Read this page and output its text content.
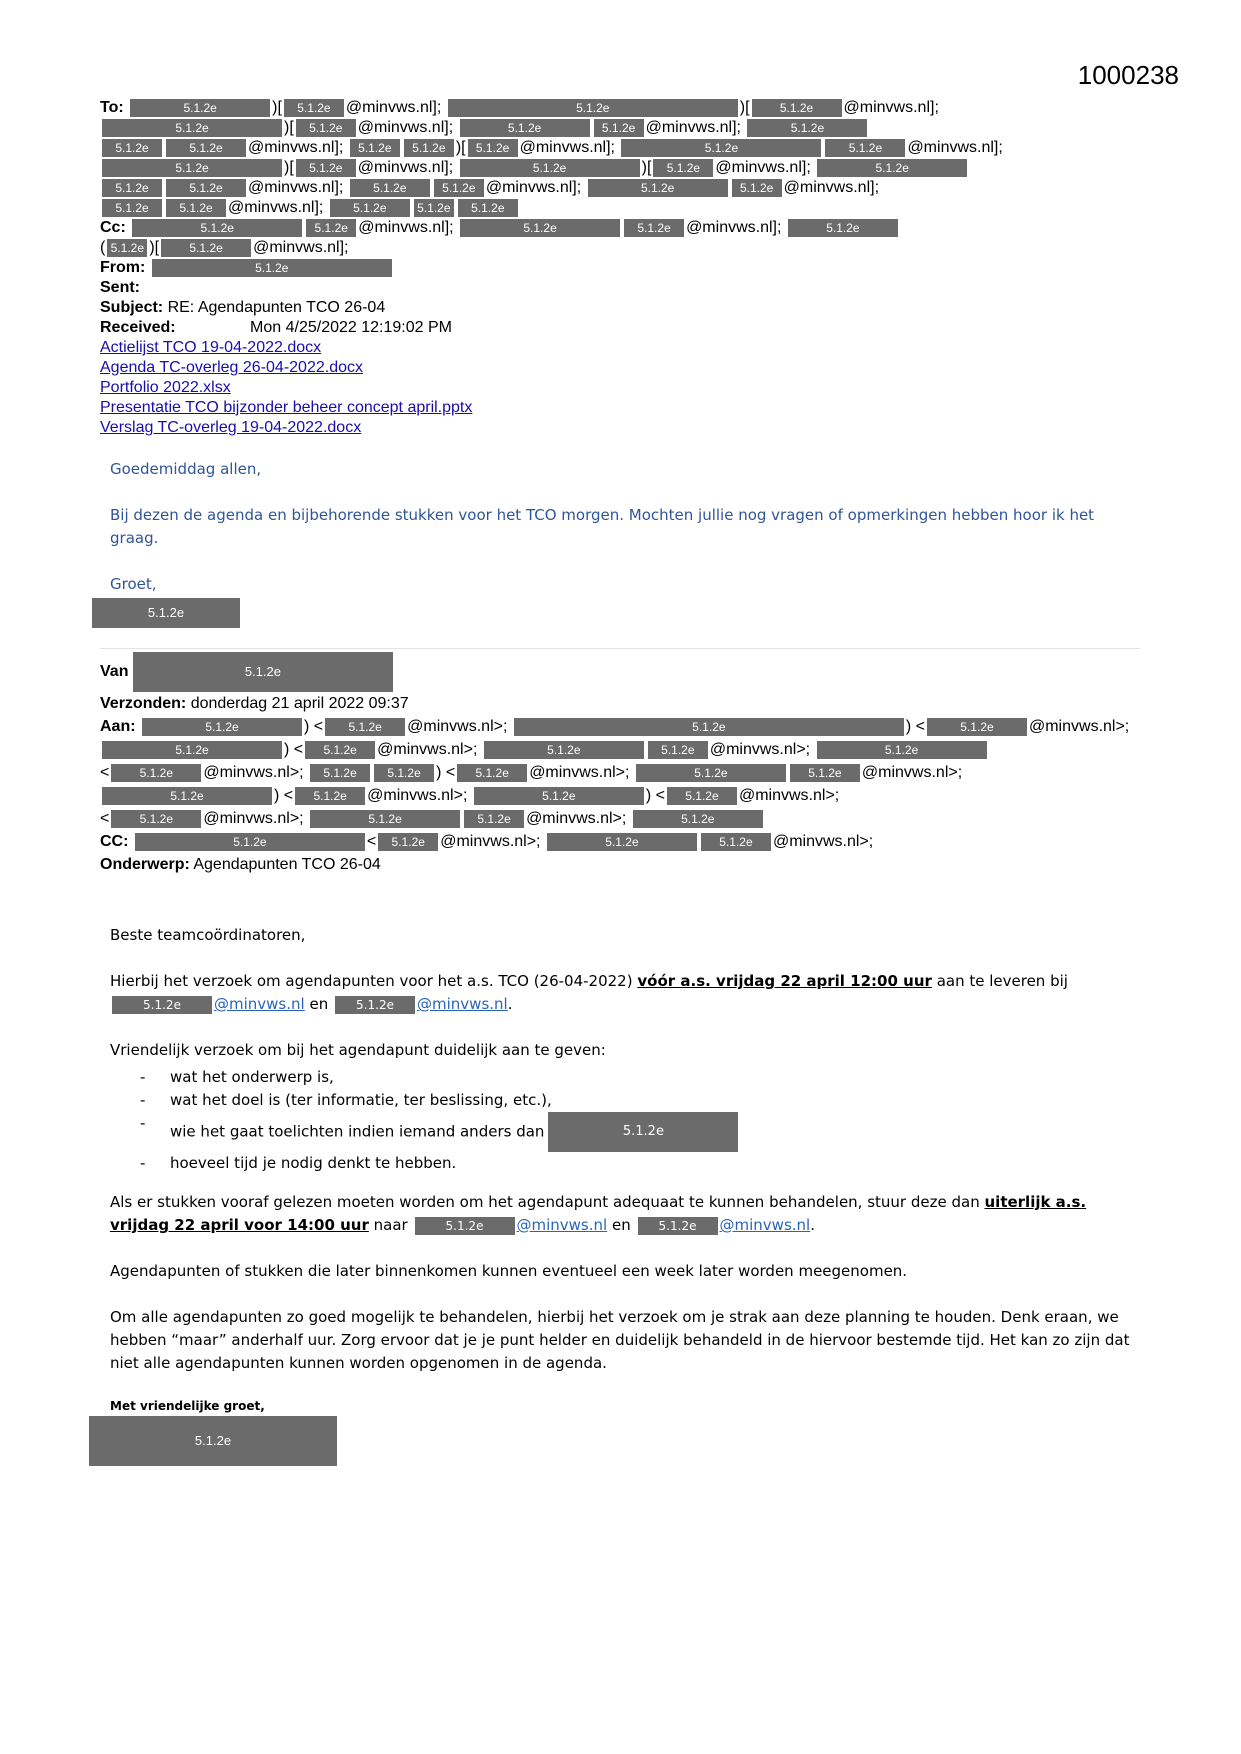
1000238
To:	5.1.2e	)[ 5.1.2e @minvws.nl];	5.1.2e	)[	5.1.2e @minvws.nl];
5.1.2e	)[ 5.1.2e @minvws.nl];	5.1.2e	5.1.2e @minvws.nl];	5.1.2e
5.1.2e	5.1.2e @minvws.nl]; 5.1.2e 5.1.2e )[ 5.1.2e @minvws.nl];	5.1.2e	5.1.2e @minvws.nl];
5.1.2e	)[ 5.1.2e @minvws.nl];	5.1.2e	)[ 5.1.2e @minvws.nl];	5.1.2e
5.1.2e	5.1.2e @minvws.nl]; 5.1.2e	5.1.2e @minvws.nl];	5.1.2e	5.1.2e @minvws.nl];
5.1.2e	5.1.2e @minvws.nl]; 5.1.2e	5.1.2e 5.1.2e
Cc:	5.1.2e	5.1.2e @minvws.nl];	5.1.2e	5.1.2e @minvws.nl];	5.1.2e
( 5.1.2e )[	5.1.2e @minvws.nl];
From:	5.1.2e
Sent:
Subject: RE: Agendapunten TCO 26-04
Received:	Mon 4/25/2022 12:19:02 PM
Actielijst TCO 19-04-2022.docx
Agenda TC-overleg 26-04-2022.docx
Portfolio 2022.xlsx
Presentatie TCO bijzonder beheer concept april.pptx
Verslag TC-overleg 19-04-2022.docx
Goedemiddag allen,
Bij dezen de agenda en bijbehorende stukken voor het TCO morgen. Mochten jullie nog vragen of opmerkingen hebben hoor ik het graag.
Groet,
5.1.2e
Van	5.1.2e
Verzonden: donderdag 21 april 2022 09:37
Aan:	5.1.2e	) < 5.1.2e @minvws.nl>;	5.1.2e	) <	5.1.2e @minvws.nl>;
5.1.2e	) < 5.1.2e @minvws.nl>;	5.1.2e	5.1.2e @minvws.nl>;	5.1.2e
<	5.1.2e @minvws.nl>; 5.1.2e	5.1.2e ) < 5.1.2e @minvws.nl>;	5.1.2e	5.1.2e @minvws.nl>;
5.1.2e	) < 5.1.2e @minvws.nl>;	5.1.2e	) < 5.1.2e @minvws.nl>;
<	5.1.2e @minvws.nl>;	5.1.2e	5.1.2e @minvws.nl>;	5.1.2e
CC:	5.1.2e	< 5.1.2e @minvws.nl>;	5.1.2e	5.1.2e @minvws.nl>;
Onderwerp: Agendapunten TCO 26-04
Beste teamcoördinatoren,
Hierbij het verzoek om agendapunten voor het a.s. TCO (26-04-2022) vóór a.s. vrijdag 22 april 12:00 uur aan te leveren bij
5.1.2e @minvws.nl en 5.1.2e @minvws.nl.
Vriendelijk verzoek om bij het agendapunt duidelijk aan te geven:
- wat het onderwerp is,
- wat het doel is (ter informatie, ter beslissing, etc.),
- wie het gaat toelichten indien iemand anders dan	5.1.2e
- hoeveel tijd je nodig denkt te hebben.
Als er stukken vooraf gelezen moeten worden om het agendapunt adequaat te kunnen behandelen, stuur deze dan uiterlijk a.s. vrijdag 22 april voor 14:00 uur naar	5.1.2e @minvws.nl en 5.1.2e @minvws.nl.
Agendapunten of stukken die later binnenkomen kunnen eventueel een week later worden meegenomen.
Om alle agendapunten zo goed mogelijk te behandelen, hierbij het verzoek om je strak aan deze planning te houden. Denk eraan, we hebben “maar” anderhalf uur. Zorg ervoor dat je je punt helder en duidelijk behandeld in de hiervoor bestemde tijd. Het kan zo zijn dat niet alle agendapunten kunnen worden opgenomen in de agenda.
Met vriendelijke groet,
5.1.2e
